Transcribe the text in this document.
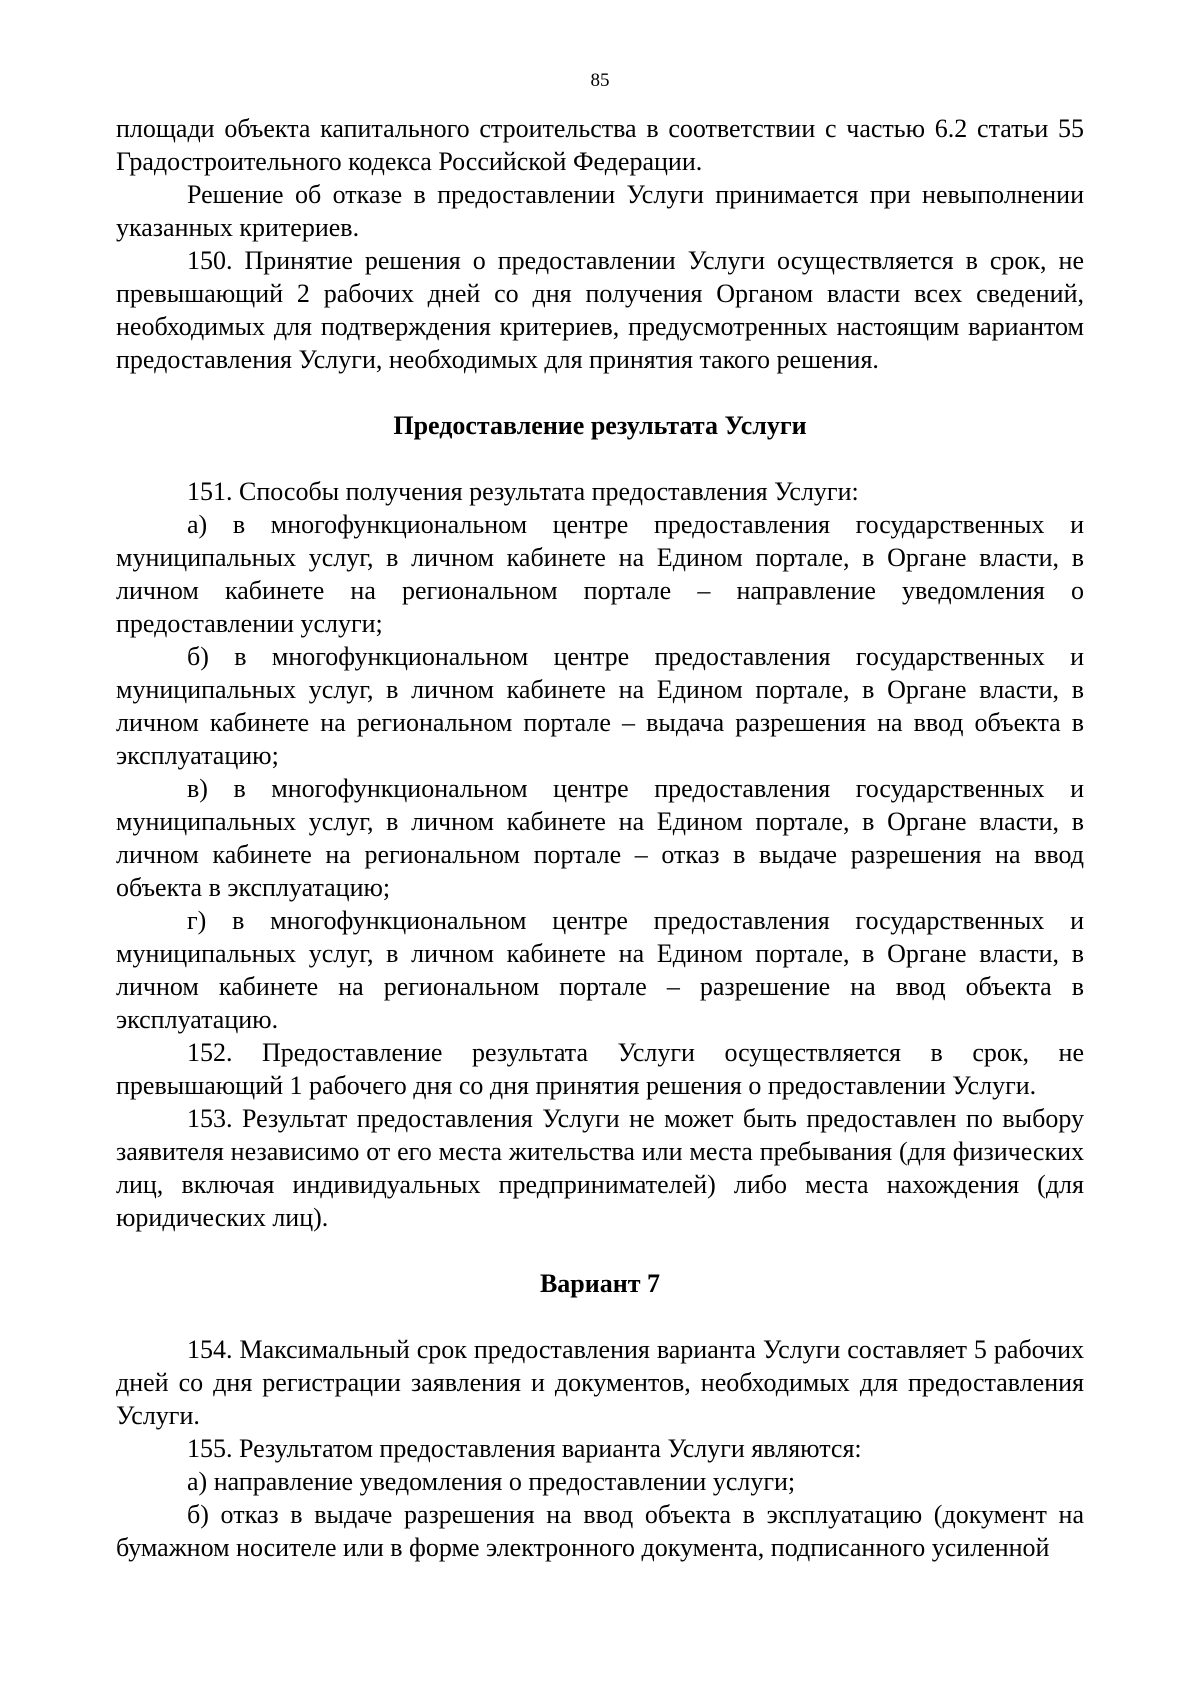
85

площади объекта капитального строительства в соответствии с частью 6.2 статьи 55 Градостроительного кодекса Российской Федерации.

Решение об отказе в предоставлении Услуги принимается при невыполнении указанных критериев.

150. Принятие решения о предоставлении Услуги осуществляется в срок, не превышающий 2 рабочих дней со дня получения Органом власти всех сведений, необходимых для подтверждения критериев, предусмотренных настоящим вариантом предоставления Услуги, необходимых для принятия такого решения.

Предоставление результата Услуги

151. Способы получения результата предоставления Услуги:

а) в многофункциональном центре предоставления государственных и муниципальных услуг, в личном кабинете на Едином портале, в Органе власти, в личном кабинете на региональном портале – направление уведомления о предоставлении услуги;

б) в многофункциональном центре предоставления государственных и муниципальных услуг, в личном кабинете на Едином портале, в Органе власти, в личном кабинете на региональном портале – выдача разрешения на ввод объекта в эксплуатацию;

в) в многофункциональном центре предоставления государственных и муниципальных услуг, в личном кабинете на Едином портале, в Органе власти, в личном кабинете на региональном портале – отказ в выдаче разрешения на ввод объекта в эксплуатацию;

г) в многофункциональном центре предоставления государственных и муниципальных услуг, в личном кабинете на Едином портале, в Органе власти, в личном кабинете на региональном портале – разрешение на ввод объекта в эксплуатацию.

152. Предоставление результата Услуги осуществляется в срок, не превышающий 1 рабочего дня со дня принятия решения о предоставлении Услуги.

153. Результат предоставления Услуги не может быть предоставлен по выбору заявителя независимо от его места жительства или места пребывания (для физических лиц, включая индивидуальных предпринимателей) либо места нахождения (для юридических лиц).

Вариант 7

154. Максимальный срок предоставления варианта Услуги составляет 5 рабочих дней со дня регистрации заявления и документов, необходимых для предоставления Услуги.

155. Результатом предоставления варианта Услуги являются:

а) направление уведомления о предоставлении услуги;

б) отказ в выдаче разрешения на ввод объекта в эксплуатацию (документ на бумажном носителе или в форме электронного документа, подписанного усиленной
